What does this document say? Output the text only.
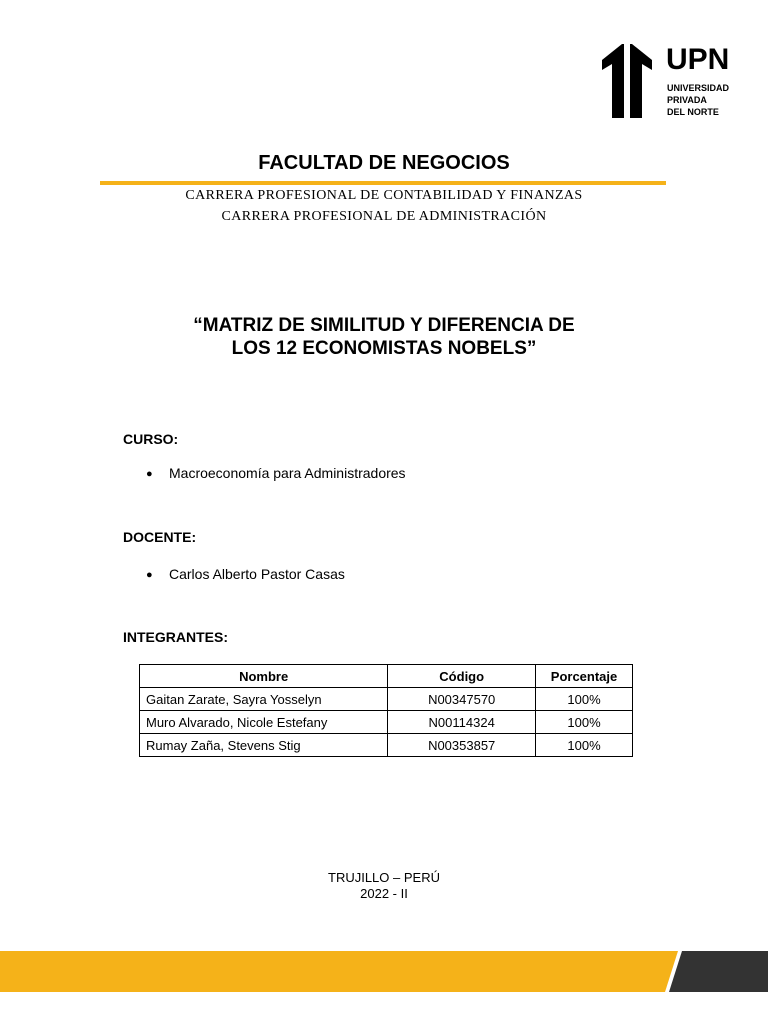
UPN
UNIVERSIDAD
PRIVADA
DEL NORTE
FACULTAD DE NEGOCIOS
CARRERA PROFESIONAL DE CONTABILIDAD Y FINANZAS
CARRERA PROFESIONAL DE ADMINISTRACIÓN
“MATRIZ DE SIMILITUD Y DIFERENCIA DE
LOS 12 ECONOMISTAS NOBELS”
CURSO:
● Macroeconomía para Administradores
DOCENTE:
● Carlos Alberto Pastor Casas
INTEGRANTES:
Nombre	Código	Porcentaje
Gaitan Zarate, Sayra Yosselyn	N00347570	100%
Muro Alvarado, Nicole Estefany	N00114324	100%
Rumay Zaña, Stevens Stig	N00353857	100%
TRUJILLO – PERÚ
2022 - II
